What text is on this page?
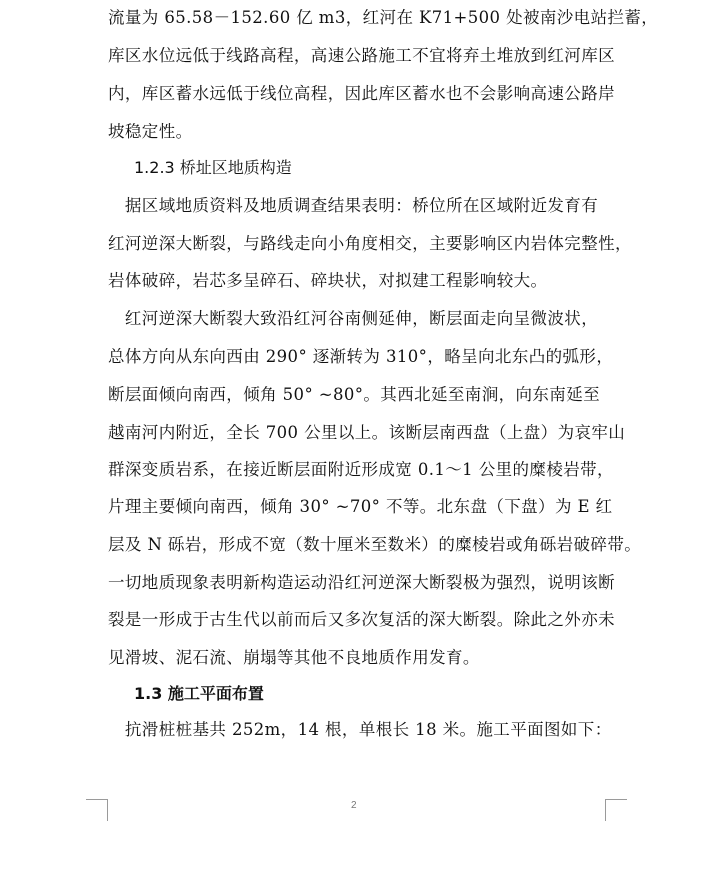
流量为 65.58－152.60 亿 m3，红河在 K71+500 处被南沙电站拦蓄，
库区水位远低于线路高程，高速公路施工不宜将弃土堆放到红河库区
内，库区蓄水远低于线位高程，因此库区蓄水也不会影响高速公路岸
坡稳定性。
1.2.3 桥址区地质构造
　据区域地质资料及地质调查结果表明：桥位所在区域附近发育有
红河逆深大断裂，与路线走向小角度相交，主要影响区内岩体完整性，
岩体破碎，岩芯多呈碎石、碎块状，对拟建工程影响较大。
　红河逆深大断裂大致沿红河谷南侧延伸，断层面走向呈微波状，
总体方向从东向西由 290° 逐渐转为 310°，略呈向北东凸的弧形，
断层面倾向南西，倾角 50° ~80°。其西北延至南涧，向东南延至
越南河内附近，全长 700 公里以上。该断层南西盘（上盘）为哀牢山
群深变质岩系，在接近断层面附近形成宽 0.1～1 公里的糜棱岩带，
片理主要倾向南西，倾角 30° ~70° 不等。北东盘（下盘）为 E 红
层及 N 砾岩，形成不宽（数十厘米至数米）的糜棱岩或角砾岩破碎带。
一切地质现象表明新构造运动沿红河逆深大断裂极为强烈，说明该断
裂是一形成于古生代以前而后又多次复活的深大断裂。除此之外亦未
见滑坡、泥石流、崩塌等其他不良地质作用发育。
1.3 施工平面布置
　抗滑桩桩基共 252m，14 根，单根长 18 米。施工平面图如下：
2
